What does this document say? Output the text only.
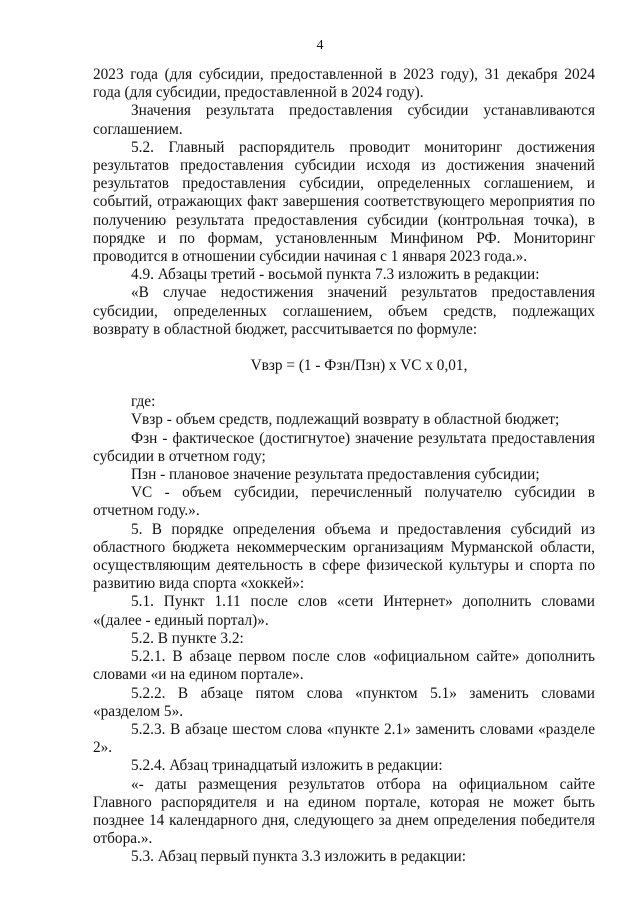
4

2023 года (для субсидии, предоставленной в 2023 году), 31 декабря 2024 года (для субсидии, предоставленной в 2024 году).

Значения результата предоставления субсидии устанавливаются соглашением.

5.2. Главный распорядитель проводит мониторинг достижения результатов предоставления субсидии исходя из достижения значений результатов предоставления субсидии, определенных соглашением, и событий, отражающих факт завершения соответствующего мероприятия по получению результата предоставления субсидии (контрольная точка), в порядке и по формам, установленным Минфином РФ. Мониторинг проводится в отношении субсидии начиная с 1 января 2023 года.».

4.9. Абзацы третий - восьмой пункта 7.3 изложить в редакции:

«В случае недостижения значений результатов предоставления субсидии, определенных соглашением, объем средств, подлежащих возврату в областной бюджет, рассчитывается по формуле:

Vвзр = (1 - Фзн/Пзн) x VC x 0,01,

где:

Vвзр - объем средств, подлежащий возврату в областной бюджет;

Фзн - фактическое (достигнутое) значение результата предоставления субсидии в отчетном году;

Пзн - плановое значение результата предоставления субсидии;

VC - объем субсидии, перечисленный получателю субсидии в отчетном году.».

5. В порядке определения объема и предоставления субсидий из областного бюджета некоммерческим организациям Мурманской области, осуществляющим деятельность в сфере физической культуры и спорта по развитию вида спорта «хоккей»:

5.1. Пункт 1.11 после слов «сети Интернет» дополнить словами «(далее - единый портал)».

5.2. В пункте 3.2:

5.2.1. В абзаце первом после слов «официальном сайте» дополнить словами «и на едином портале».

5.2.2. В абзаце пятом слова «пунктом 5.1» заменить словами «разделом 5».

5.2.3. В абзаце шестом слова «пункте 2.1» заменить словами «разделе 2».

5.2.4. Абзац тринадцатый изложить в редакции:

«- даты размещения результатов отбора на официальном сайте Главного распорядителя и на едином портале, которая не может быть позднее 14 календарного дня, следующего за днем определения победителя отбора.».

5.3. Абзац первый пункта 3.3 изложить в редакции:
